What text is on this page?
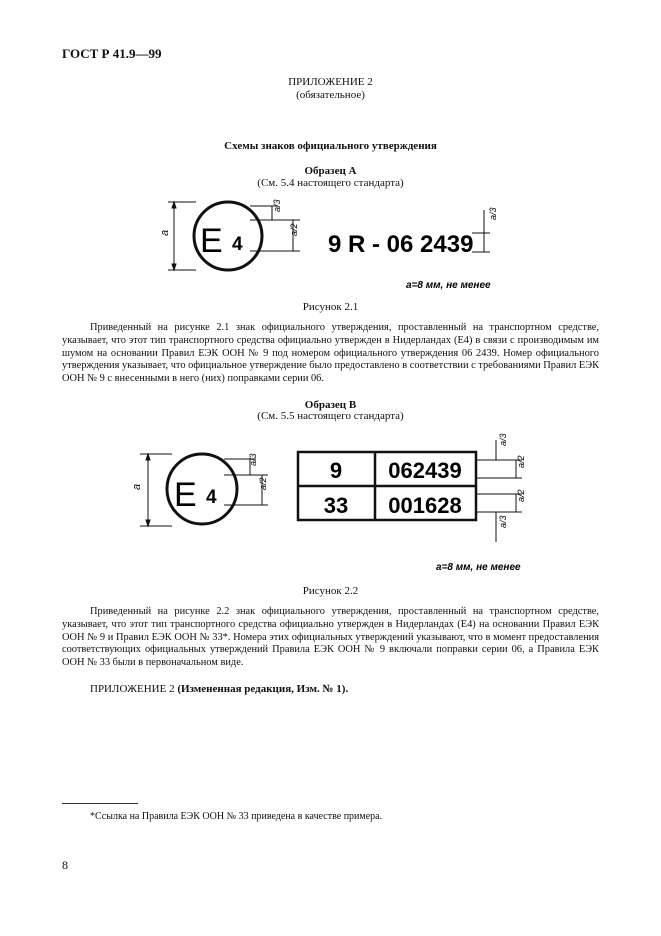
ГОСТ Р 41.9—99
ПРИЛОЖЕНИЕ 2
(обязательное)
Схемы знаков официального утверждения
Образец А
(См. 5.4 настоящего стандарта)
a E 4
a/3
a/2
9 R - 06 2439
a/3
a=8 мм, не менее
Рисунок 2.1
Приведенный на рисунке 2.1 знак официального утверждения, проставленный на транспортном средстве, указывает, что этот тип транспортного средства официально утвержден в Нидерландах (E4) в связи с производимым им шумом на основании Правил ЕЭК ООН № 9 под номером официального утверждения 06 2439. Номер официального утверждения указывает, что официальное утверждение было предоставлено в соответствии с требованиями Правил ЕЭК ООН № 9 с внесенными в него (них) поправками серии 06.
Образец В
(См. 5.5 настоящего стандарта)
a E 4
a/3
a/2
9 062439
33 001628
a/3
a/2
a/2
a/3
a=8 мм, не менее
Рисунок 2.2
Приведенный на рисунке 2.2 знак официального утверждения, проставленный на транспортном средстве, указывает, что этот тип транспортного средства официально утвержден в Нидерландах (E4) на основании Правил ЕЭК ООН № 9 и Правил ЕЭК ООН № 33*. Номера этих официальных утверждений указывают, что в момент предоставления соответствующих официальных утверждений Правила ЕЭК ООН № 9 включали поправки серии 06, а Правила ЕЭК ООН № 33 были в первоначальном виде.
ПРИЛОЖЕНИЕ 2 (Измененная редакция, Изм. № 1).
*Ссылка на Правила ЕЭК ООН № 33 приведена в качестве примера.
8
